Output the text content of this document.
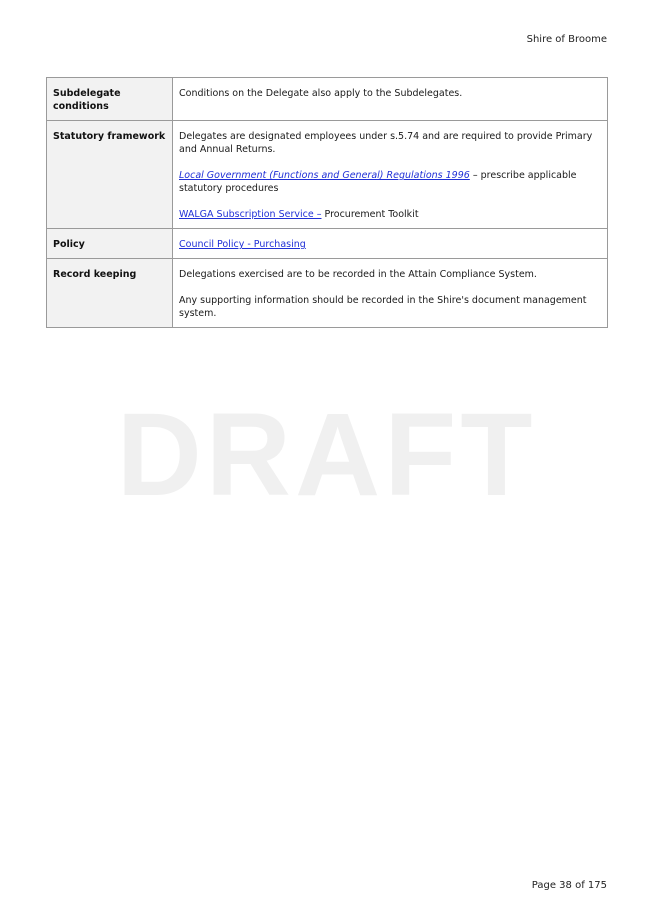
Shire of Broome
DRAFT
Subdelegate conditions	Conditions on the Delegate also apply to the Subdelegates.

Statutory framework	Delegates are designated employees under s.5.74 and are required to provide Primary and Annual Returns.

Local Government (Functions and General) Regulations 1996 – prescribe applicable statutory procedures

WALGA Subscription Service – Procurement Toolkit

Policy	Council Policy - Purchasing

Record keeping	Delegations exercised are to be recorded in the Attain Compliance System.

Any supporting information should be recorded in the Shire's document management system.

Page 38 of 175
